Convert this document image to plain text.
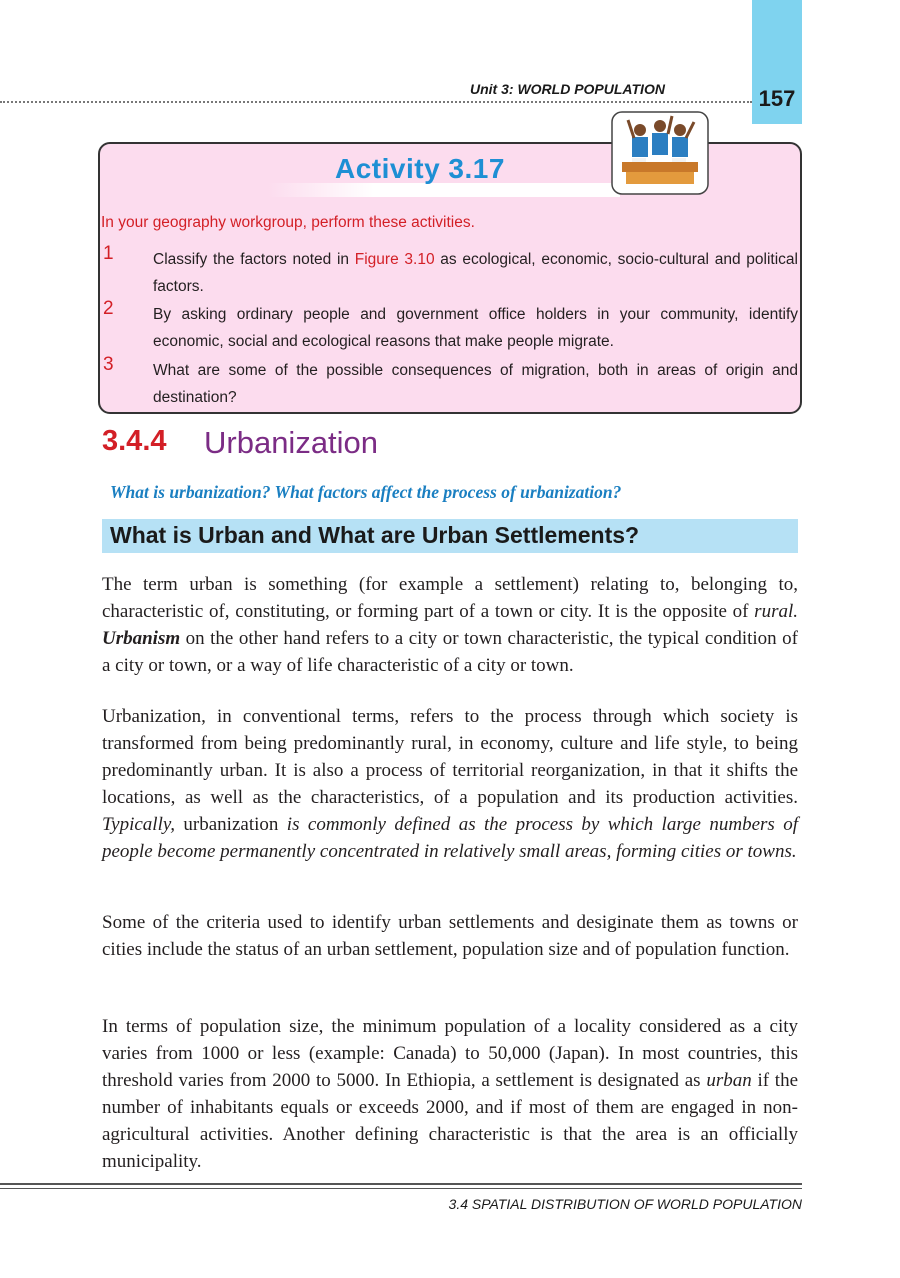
157
Unit 3: WORLD POPULATION
Activity 3.17
In your geography workgroup, perform these activities.
1	Classify the factors noted in Figure 3.10 as ecological, economic, socio-cultural and political factors.
2	By asking ordinary people and government office holders in your community, identify economic, social and ecological reasons that make people migrate.
3	What are some of the possible consequences of migration, both in areas of origin and destination?
3.4.4 Urbanization
What is urbanization? What factors affect the process of urbanization?
What is Urban and What are Urban Settlements?
The term urban is something (for example a settlement) relating to, belonging to, characteristic of, constituting, or forming part of a town or city. It is the opposite of rural. Urbanism on the other hand refers to a city or town characteristic, the typical condition of a city or town, or a way of life characteristic of a city or town.
Urbanization, in conventional terms, refers to the process through which society is transformed from being predominantly rural, in economy, culture and life style, to being predominantly urban. It is also a process of territorial reorganization, in that it shifts the locations, as well as the characteristics, of a population and its production activities. Typically, urbanization is commonly defined as the process by which large numbers of people become permanently concentrated in relatively small areas, forming cities or towns.
Some of the criteria used to identify urban settlements and desiginate them as towns or cities include the status of an urban settlement, population size and of population function.
In terms of population size, the minimum population of a locality considered as a city varies from 1000 or less (example: Canada) to 50,000 (Japan). In most countries, this threshold varies from 2000 to 5000. In Ethiopia, a settlement is designated as urban if the number of inhabitants equals or exceeds 2000, and if most of them are engaged in non-agricultural activities. Another defining characteristic is that the area is an officially municipality.
3.4 SPATIAL DISTRIBUTION OF WORLD POPULATION
